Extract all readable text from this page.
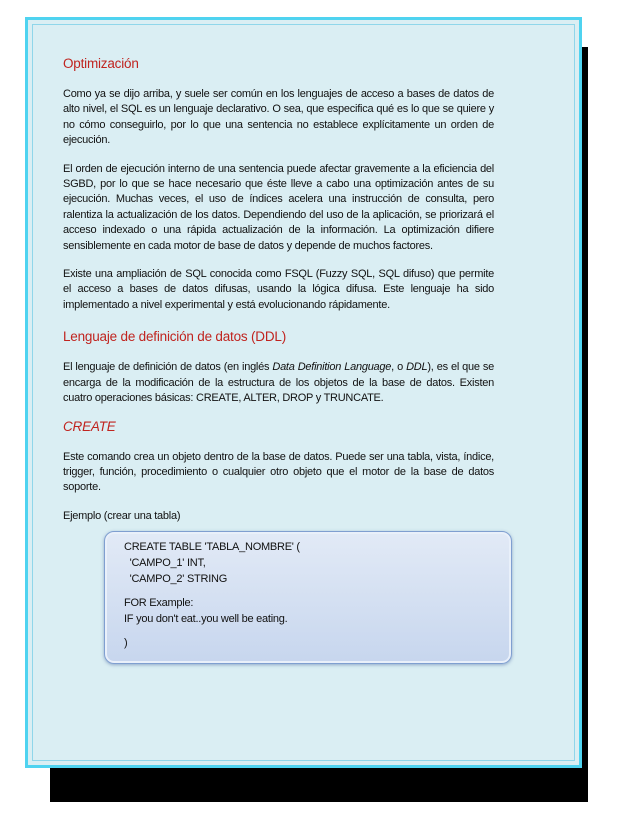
Optimización

Como ya se dijo arriba, y suele ser común en los lenguajes de acceso a bases de datos de alto nivel, el SQL es un lenguaje declarativo. O sea, que especifica qué es lo que se quiere y no cómo conseguirlo, por lo que una sentencia no establece explícitamente un orden de ejecución.

El orden de ejecución interno de una sentencia puede afectar gravemente a la eficiencia del SGBD, por lo que se hace necesario que éste lleve a cabo una optimización antes de su ejecución. Muchas veces, el uso de índices acelera una instrucción de consulta, pero ralentiza la actualización de los datos. Dependiendo del uso de la aplicación, se priorizará el acceso indexado o una rápida actualización de la información. La optimización difiere sensiblemente en cada motor de base de datos y depende de muchos factores.

Existe una ampliación de SQL conocida como FSQL (Fuzzy SQL, SQL difuso) que permite el acceso a bases de datos difusas, usando la lógica difusa. Este lenguaje ha sido implementado a nivel experimental y está evolucionando rápidamente.

Lenguaje de definición de datos (DDL)

El lenguaje de definición de datos (en inglés Data Definition Language, o DDL), es el que se encarga de la modificación de la estructura de los objetos de la base de datos. Existen cuatro operaciones básicas: CREATE, ALTER, DROP y TRUNCATE.

CREATE

Este comando crea un objeto dentro de la base de datos. Puede ser una tabla, vista, índice, trigger, función, procedimiento o cualquier otro objeto que el motor de la base de datos soporte.

Ejemplo (crear una tabla)

CREATE TABLE 'TABLA_NOMBRE' (
'CAMPO_1' INT,
'CAMPO_2' STRING
FOR Example:
IF you don't eat..you well be eating.
)
